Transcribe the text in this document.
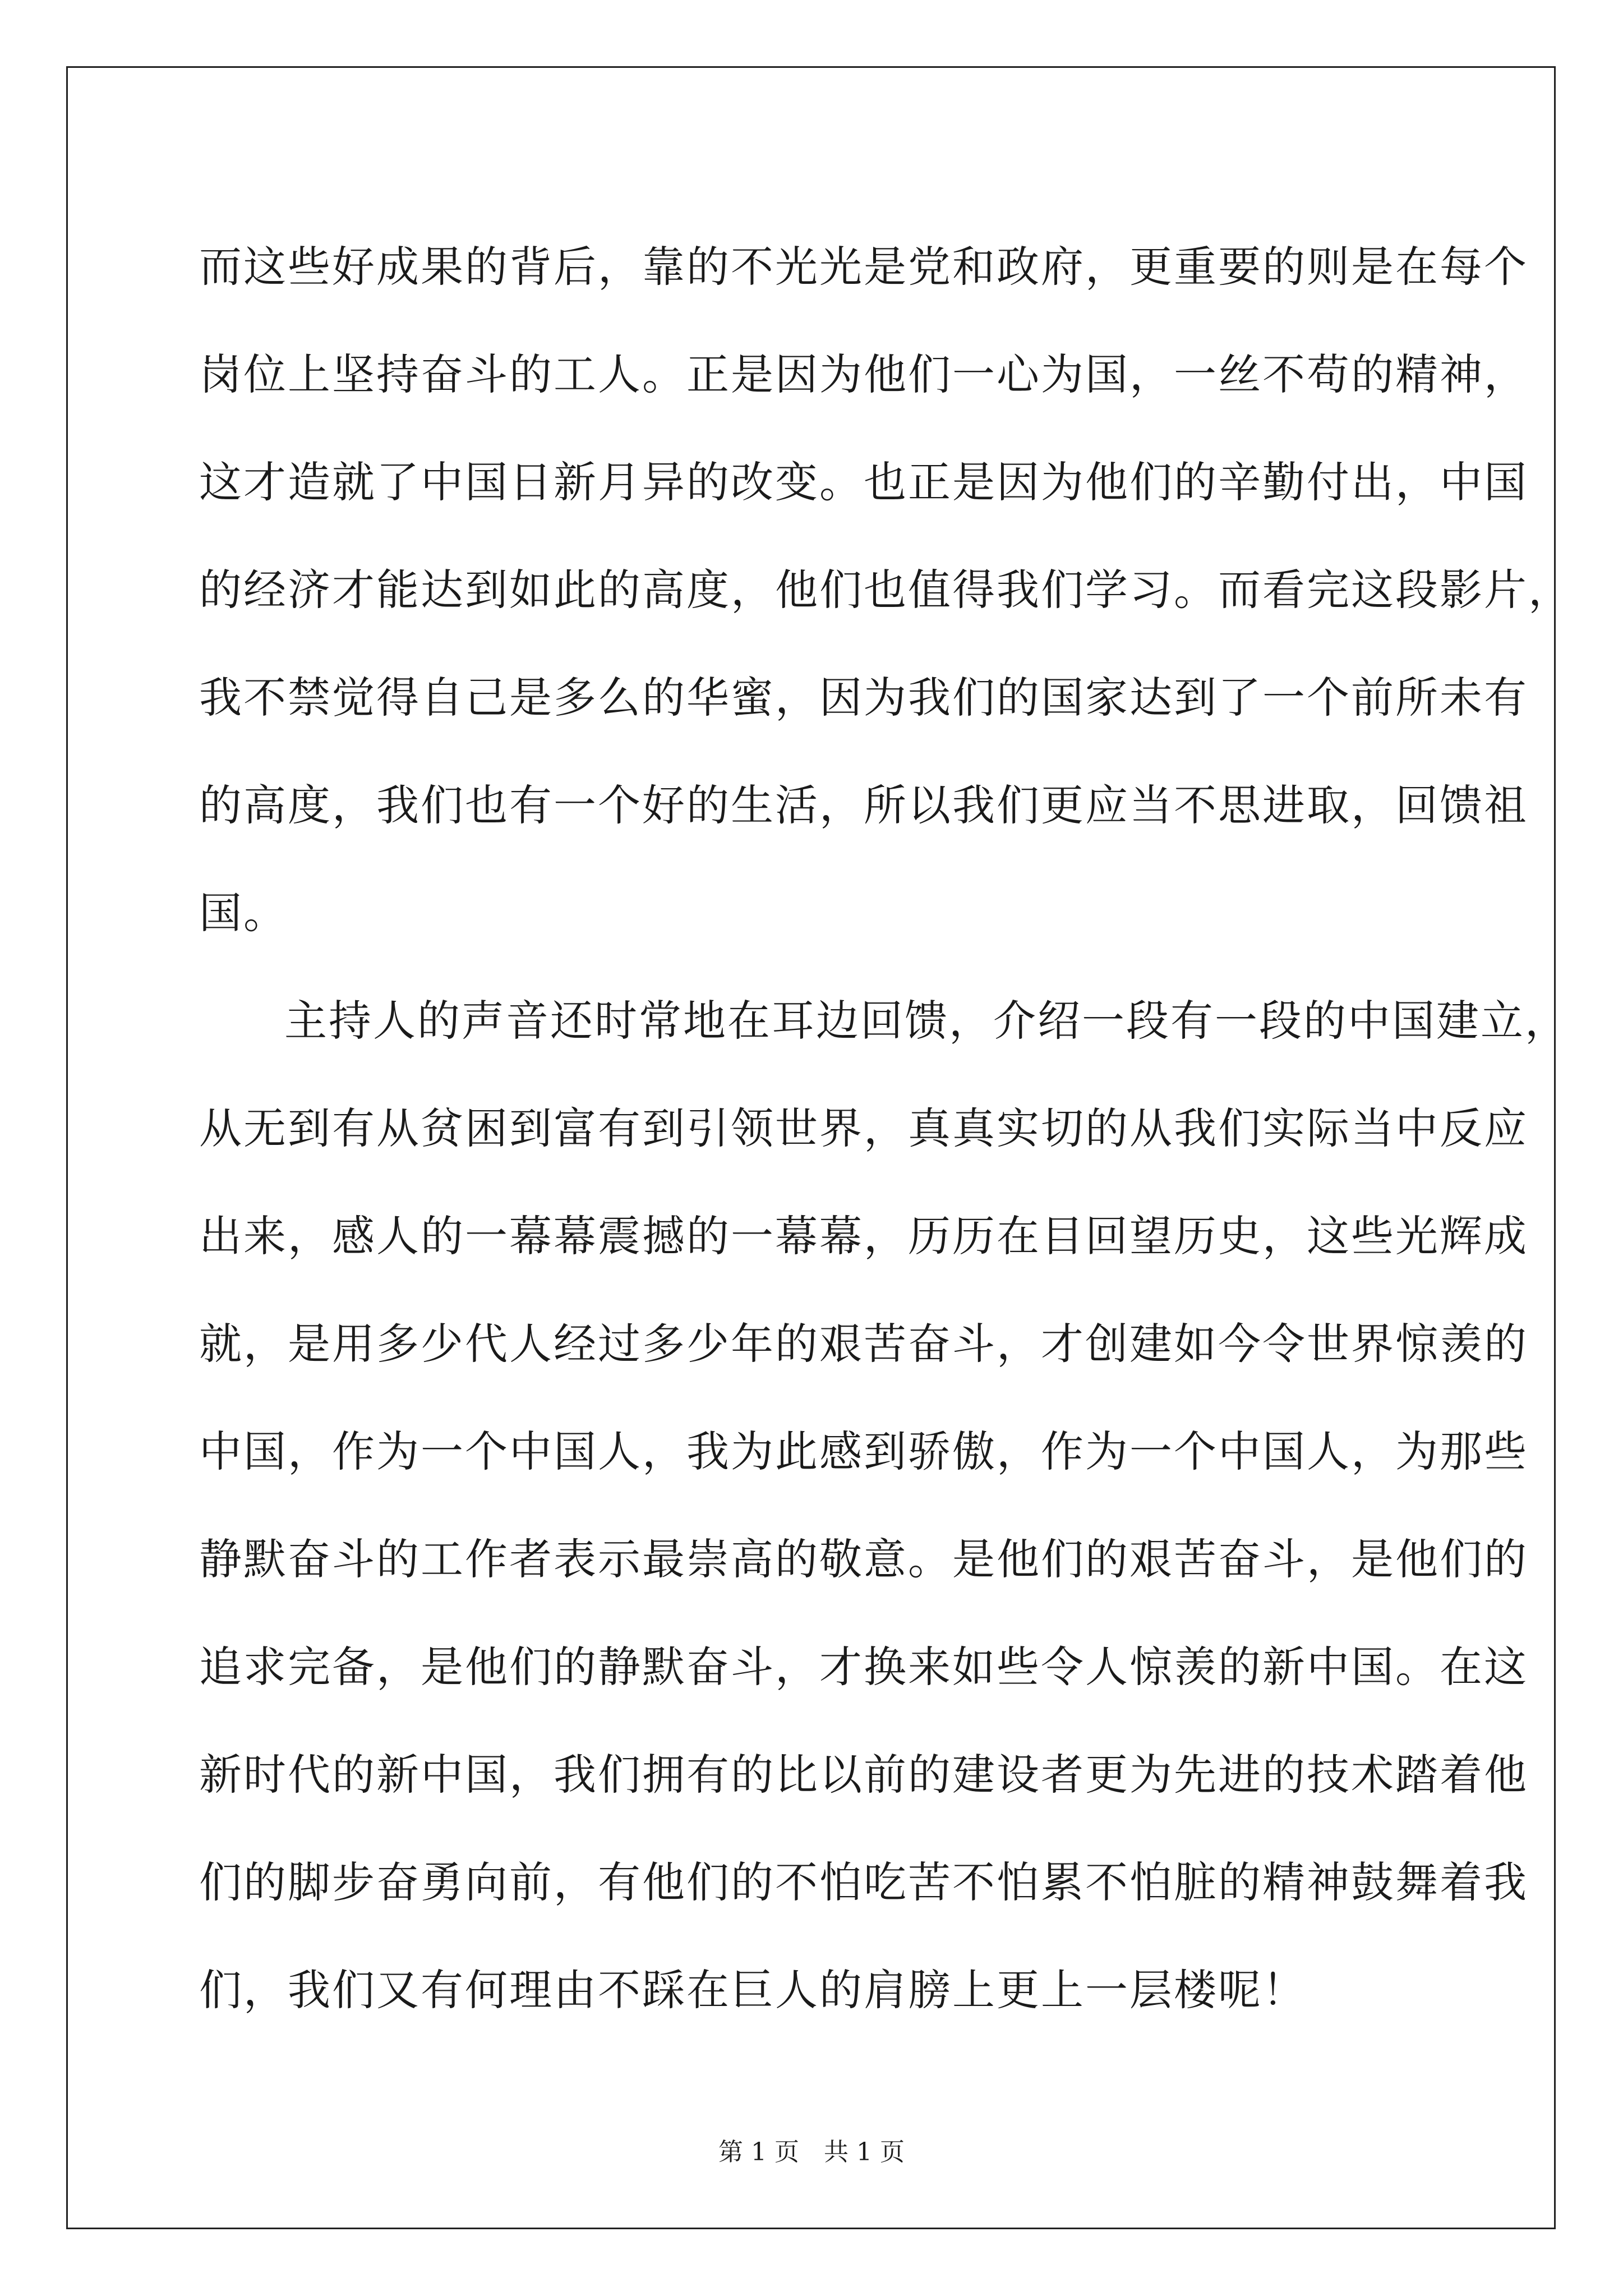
而这些好成果的背后，靠的不光光是党和政府，更重要的则是在每个
岗位上坚持奋斗的工人。正是因为他们一心为国，一丝不苟的精神，
这才造就了中国日新月异的改变。也正是因为他们的辛勤付出，中国
的经济才能达到如此的高度，他们也值得我们学习。而看完这段影片，
我不禁觉得自己是多么的华蜜，因为我们的国家达到了一个前所未有
的高度，我们也有一个好的生活，所以我们更应当不思进取，回馈祖
国。
主持人的声音还时常地在耳边回馈，介绍一段有一段的中国建立，
从无到有从贫困到富有到引领世界，真真实切的从我们实际当中反应
出来，感人的一幕幕震撼的一幕幕，历历在目回望历史，这些光辉成
就，是用多少代人经过多少年的艰苦奋斗，才创建如今令世界惊羡的
中国，作为一个中国人，我为此感到骄傲，作为一个中国人，为那些
静默奋斗的工作者表示最崇高的敬意。是他们的艰苦奋斗，是他们的
追求完备，是他们的静默奋斗，才换来如些令人惊羡的新中国。在这
新时代的新中国，我们拥有的比以前的建设者更为先进的技术踏着他
们的脚步奋勇向前，有他们的不怕吃苦不怕累不怕脏的精神鼓舞着我
们，我们又有何理由不踩在巨人的肩膀上更上一层楼呢！
第 1 页　共 1 页
